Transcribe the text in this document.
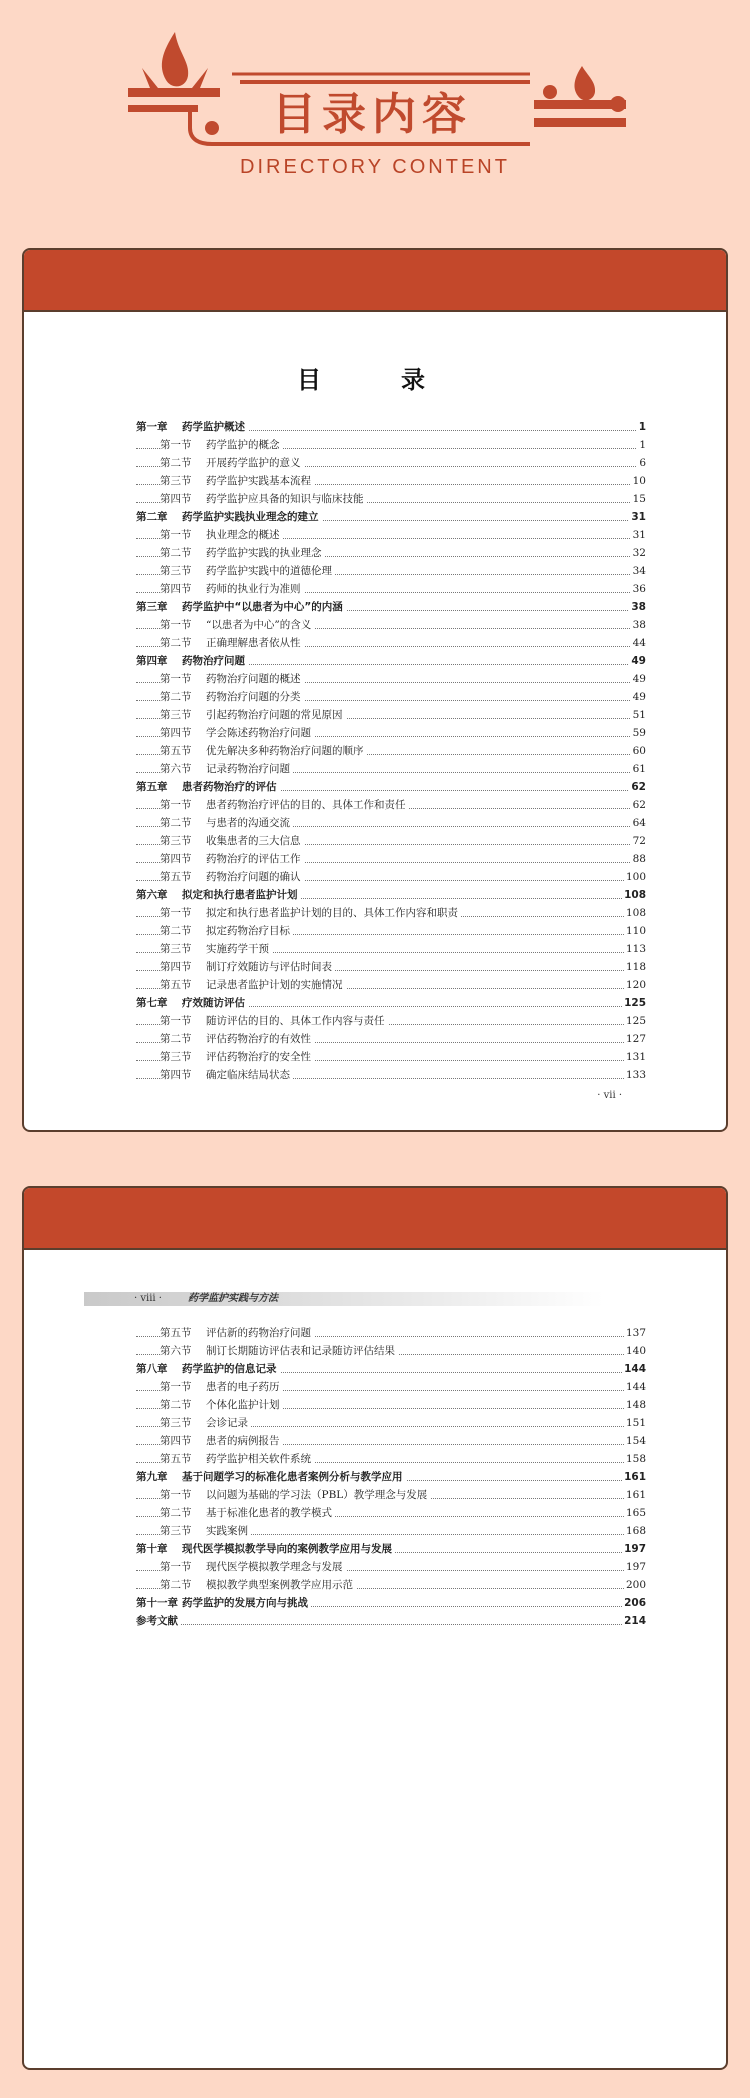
目录内容
DIRECTORY CONTENT
目　录
第一章 药学监护概述	1
第一节 药学监护的概念	1
第二节 开展药学监护的意义	6
第三节 药学监护实践基本流程	10
第四节 药学监护应具备的知识与临床技能	15
第二章 药学监护实践执业理念的建立	31
第一节 执业理念的概述	31
第二节 药学监护实践的执业理念	32
第三节 药学监护实践中的道德伦理	34
第四节 药师的执业行为准则	36
第三章 药学监护中“以患者为中心”的内涵	38
第一节 “以患者为中心”的含义	38
第二节 正确理解患者依从性	44
第四章 药物治疗问题	49
第一节 药物治疗问题的概述	49
第二节 药物治疗问题的分类	49
第三节 引起药物治疗问题的常见原因	51
第四节 学会陈述药物治疗问题	59
第五节 优先解决多种药物治疗问题的顺序	60
第六节 记录药物治疗问题	61
第五章 患者药物治疗的评估	62
第一节 患者药物治疗评估的目的、具体工作和责任	62
第二节 与患者的沟通交流	64
第三节 收集患者的三大信息	72
第四节 药物治疗的评估工作	88
第五节 药物治疗问题的确认	100
第六章 拟定和执行患者监护计划	108
第一节 拟定和执行患者监护计划的目的、具体工作内容和职责	108
第二节 拟定药物治疗目标	110
第三节 实施药学干预	113
第四节 制订疗效随访与评估时间表	118
第五节 记录患者监护计划的实施情况	120
第七章 疗效随访评估	125
第一节 随访评估的目的、具体工作内容与责任	125
第二节 评估药物治疗的有效性	127
第三节 评估药物治疗的安全性	131
第四节 确定临床结局状态	133
· vii ·
· viii ·	药学监护实践与方法
第五节 评估新的药物治疗问题	137
第六节 制订长期随访评估表和记录随访评估结果	140
第八章 药学监护的信息记录	144
第一节 患者的电子药历	144
第二节 个体化监护计划	148
第三节 会诊记录	151
第四节 患者的病例报告	154
第五节 药学监护相关软件系统	158
第九章 基于问题学习的标准化患者案例分析与教学应用	161
第一节 以问题为基础的学习法（PBL）教学理念与发展	161
第二节 基于标准化患者的教学模式	165
第三节 实践案例	168
第十章 现代医学模拟教学导向的案例教学应用与发展	197
第一节 现代医学模拟教学理念与发展	197
第二节 模拟教学典型案例教学应用示范	200
第十一章 药学监护的发展方向与挑战	206
参考文献	214
